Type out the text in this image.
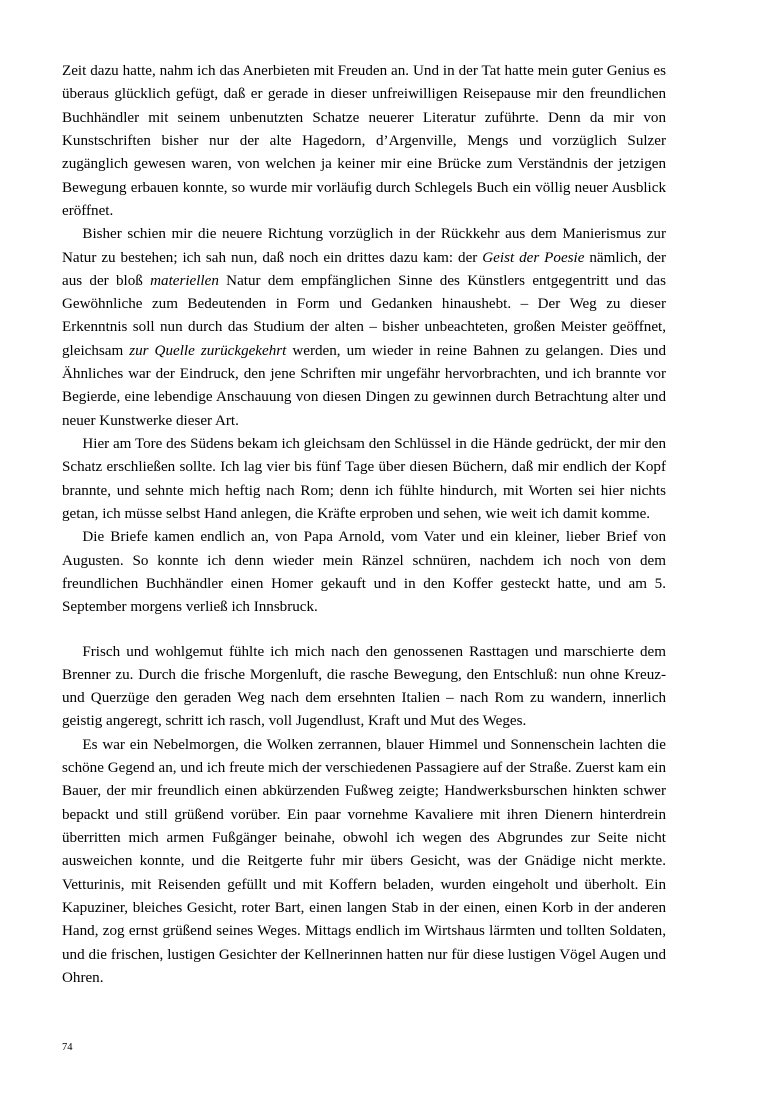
Zeit dazu hatte, nahm ich das Anerbieten mit Freuden an. Und in der Tat hatte mein guter Genius es überaus glücklich gefügt, daß er gerade in dieser unfreiwilligen Reisepause mir den freundlichen Buchhändler mit seinem unbenutzten Schatze neuerer Literatur zuführte. Denn da mir von Kunstschriften bisher nur der alte Hagedorn, d’Argenville, Mengs und vorzüglich Sulzer zugänglich gewesen waren, von welchen ja keiner mir eine Brücke zum Verständnis der jetzigen Bewegung erbauen konnte, so wurde mir vorläufig durch Schlegels Buch ein völlig neuer Ausblick eröffnet.

Bisher schien mir die neuere Richtung vorzüglich in der Rückkehr aus dem Manierismus zur Natur zu bestehen; ich sah nun, daß noch ein drittes dazu kam: der Geist der Poesie nämlich, der aus der bloß materiellen Natur dem empfänglichen Sinne des Künstlers entgegentritt und das Gewöhnliche zum Bedeutenden in Form und Gedanken hinaushebt. – Der Weg zu dieser Erkenntnis soll nun durch das Studium der alten – bisher unbeachteten, großen Meister geöffnet, gleichsam zur Quelle zurückgekehrt werden, um wieder in reine Bahnen zu gelangen. Dies und Ähnliches war der Eindruck, den jene Schriften mir ungefähr hervorbrachten, und ich brannte vor Begierde, eine lebendige Anschauung von diesen Dingen zu gewinnen durch Betrachtung alter und neuer Kunstwerke dieser Art.

Hier am Tore des Südens bekam ich gleichsam den Schlüssel in die Hände gedrückt, der mir den Schatz erschließen sollte. Ich lag vier bis fünf Tage über diesen Büchern, daß mir endlich der Kopf brannte, und sehnte mich heftig nach Rom; denn ich fühlte hindurch, mit Worten sei hier nichts getan, ich müsse selbst Hand anlegen, die Kräfte erproben und sehen, wie weit ich damit komme.

Die Briefe kamen endlich an, von Papa Arnold, vom Vater und ein kleiner, lieber Brief von Augusten. So konnte ich denn wieder mein Ränzel schnüren, nachdem ich noch von dem freundlichen Buchhändler einen Homer gekauft und in den Koffer gesteckt hatte, und am 5. September morgens verließ ich Innsbruck.

Frisch und wohlgemut fühlte ich mich nach den genossenen Rasttagen und marschierte dem Brenner zu. Durch die frische Morgenluft, die rasche Bewegung, den Entschluß: nun ohne Kreuz- und Querzüge den geraden Weg nach dem ersehnten Italien – nach Rom zu wandern, innerlich geistig angeregt, schritt ich rasch, voll Jugendlust, Kraft und Mut des Weges.

Es war ein Nebelmorgen, die Wolken zerrannen, blauer Himmel und Sonnenschein lachten die schöne Gegend an, und ich freute mich der verschiedenen Passagiere auf der Straße. Zuerst kam ein Bauer, der mir freundlich einen abkürzenden Fußweg zeigte; Handwerksburschen hinkten schwer bepackt und still grüßend vorüber. Ein paar vornehme Kavaliere mit ihren Dienern hinterdrein überritten mich armen Fußgänger beinahe, obwohl ich wegen des Abgrundes zur Seite nicht ausweichen konnte, und die Reitgerte fuhr mir übers Gesicht, was der Gnädige nicht merkte. Vetturinis, mit Reisenden gefüllt und mit Koffern beladen, wurden eingeholt und überholt. Ein Kapuziner, bleiches Gesicht, roter Bart, einen langen Stab in der einen, einen Korb in der anderen Hand, zog ernst grüßend seines Weges. Mittags endlich im Wirtshaus lärmten und tollten Soldaten, und die frischen, lustigen Gesichter der Kellnerinnen hatten nur für diese lustigen Vögel Augen und Ohren.

74
